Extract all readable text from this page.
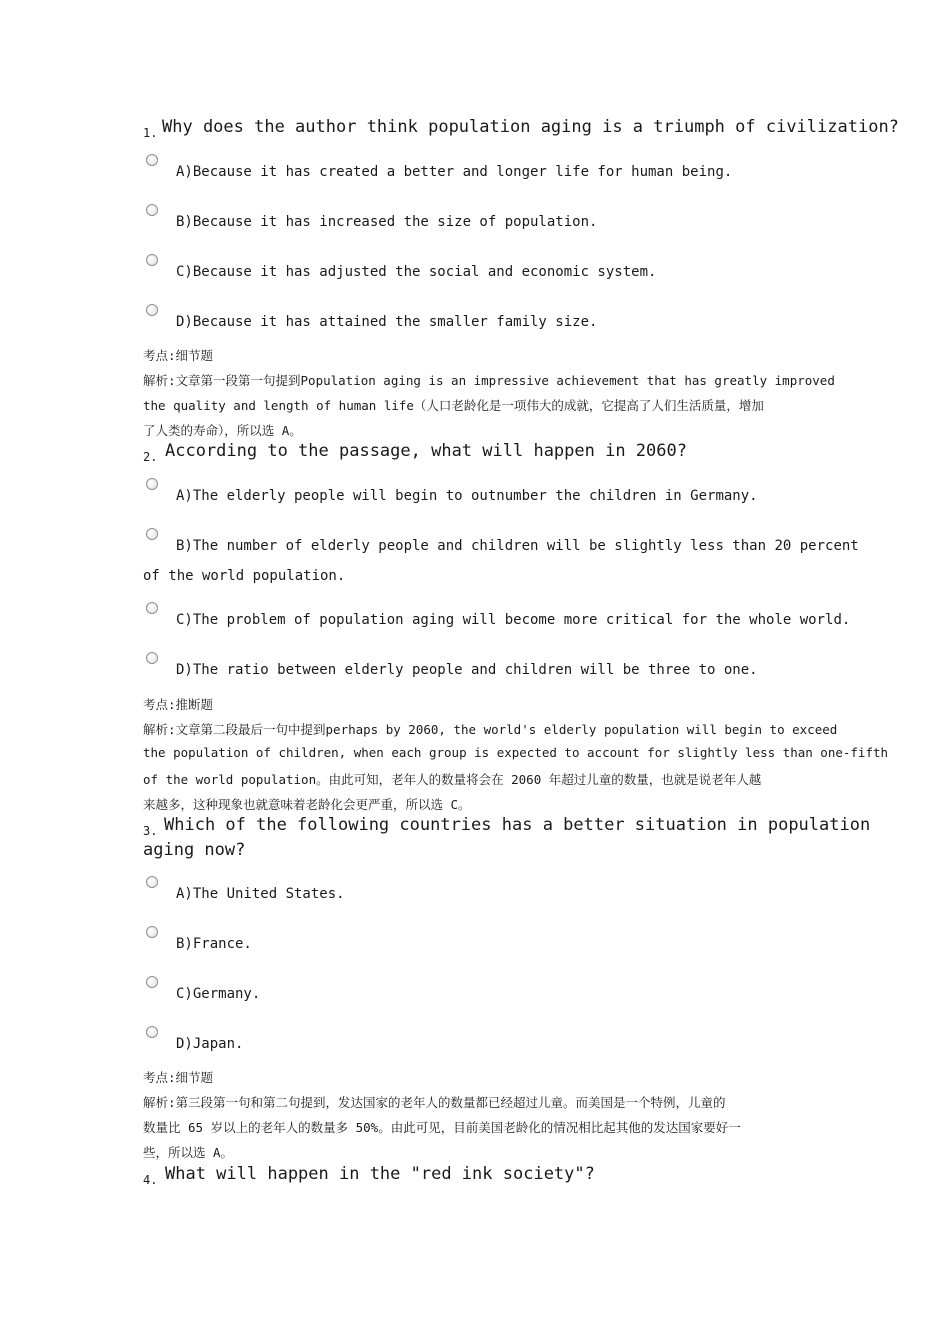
1. Why does the author think population aging is a triumph of civilization?
A)Because it has created a better and longer life for human being.
B)Because it has increased the size of population.
C)Because it has adjusted the social and economic system.
D)Because it has attained the smaller family size.
考点:细节题
解析:文章第一段第一句提到Population aging is an impressive achievement that has greatly improved
the quality and length of human life（人口老龄化是一项伟大的成就，它提高了人们生活质量，增加
了人类的寿命），所以选 A。
2. According to the passage, what will happen in 2060?
A)The elderly people will begin to outnumber the children in Germany.
B)The number of elderly people and children will be slightly less than 20 percent
of the world population.
C)The problem of population aging will become more critical for the whole world.
D)The ratio between elderly people and children will be three to one.
考点:推断题
解析:文章第二段最后一句中提到perhaps by 2060, the world's elderly population will begin to exceed
the population of children, when each group is expected to account for slightly less than one-fifth
of the world population。由此可知，老年人的数量将会在 2060 年超过儿童的数量，也就是说老年人越
来越多，这种现象也就意味着老龄化会更严重，所以选 C。
3. Which of the following countries has a better situation in population
aging now?
A)The United States.
B)France.
C)Germany.
D)Japan.
考点:细节题
解析:第三段第一句和第二句提到，发达国家的老年人的数量都已经超过儿童。而美国是一个特例，儿童的
数量比 65 岁以上的老年人的数量多 50%。由此可见，目前美国老龄化的情况相比起其他的发达国家要好一
些，所以选 A。
4. What will happen in the "red ink society"?
